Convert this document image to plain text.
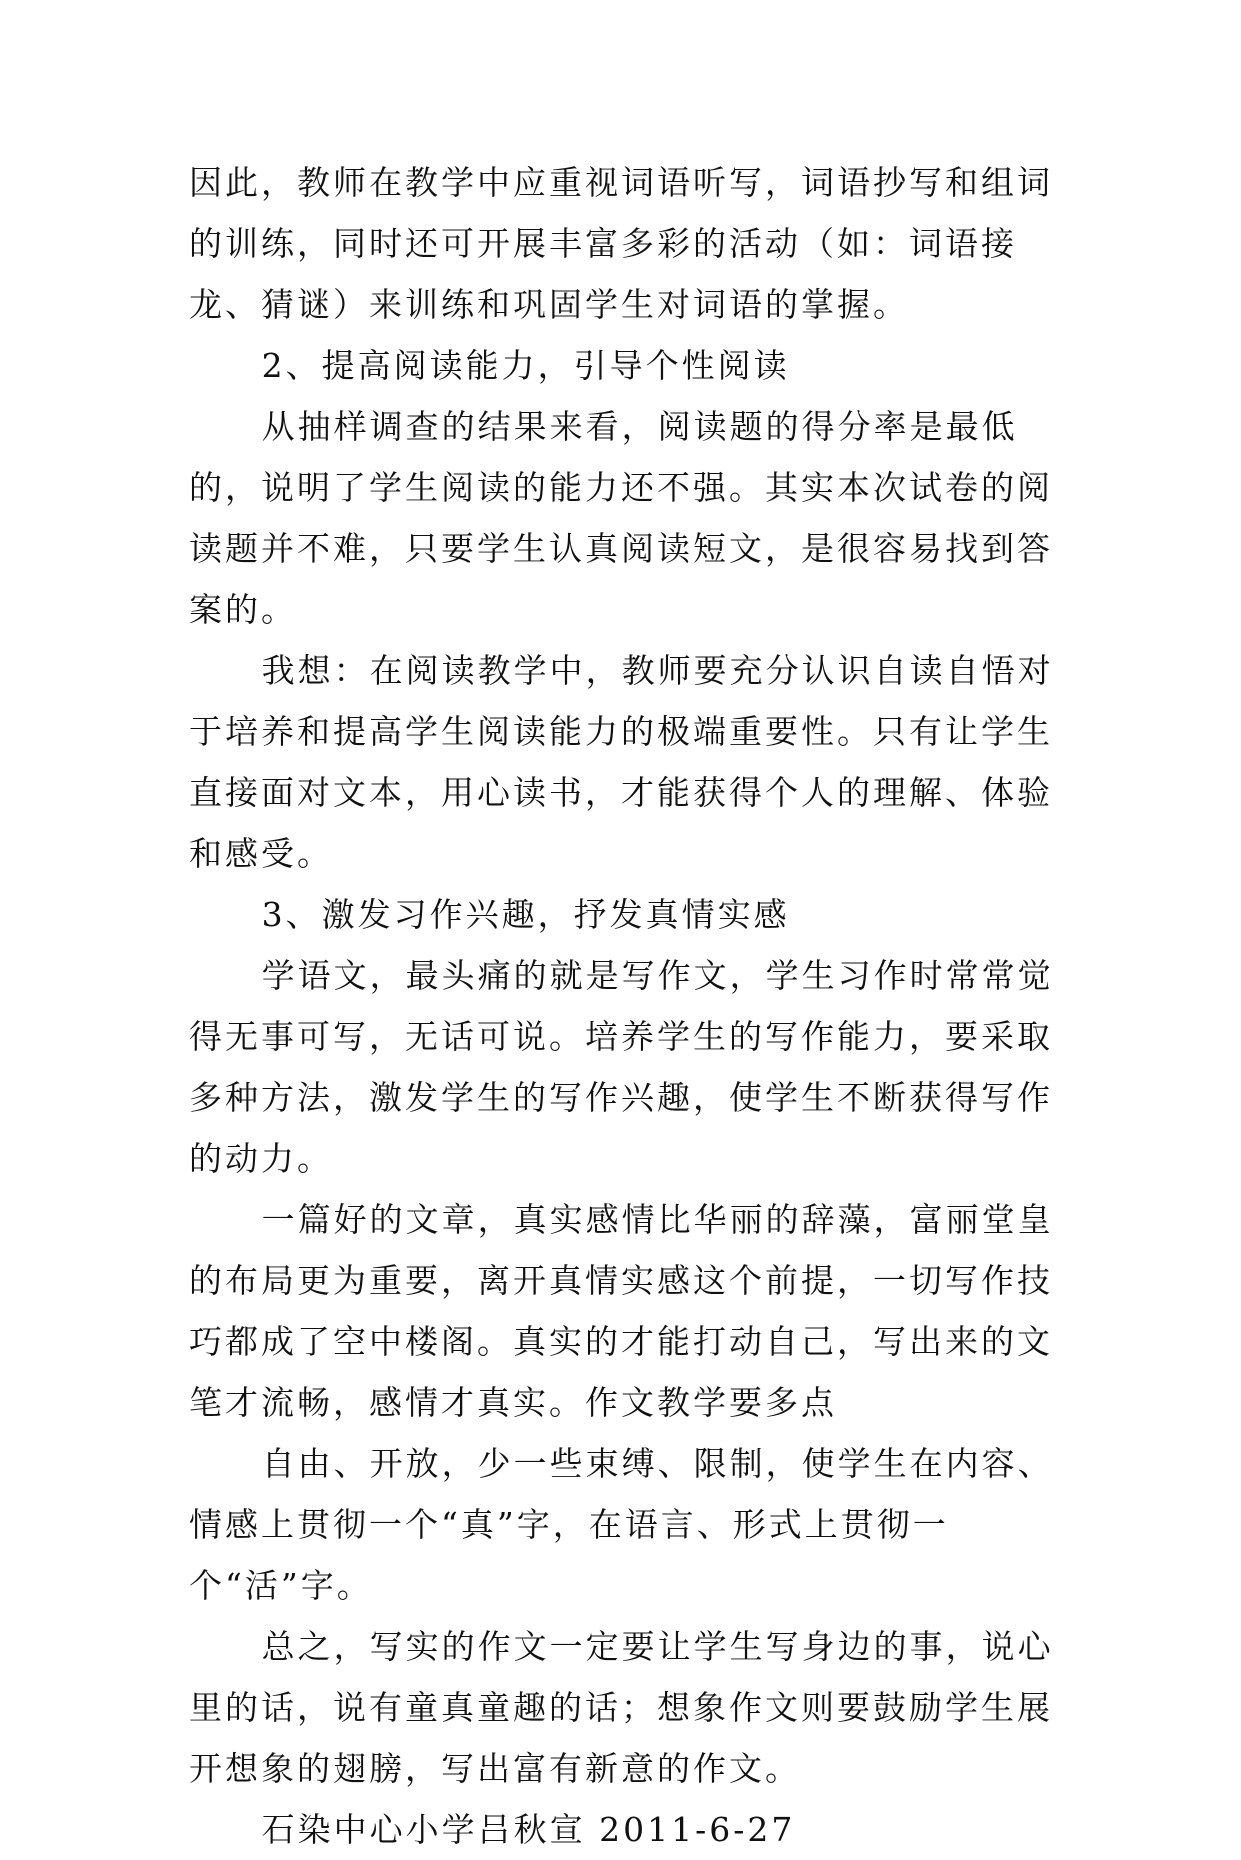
因此，教师在教学中应重视词语听写，词语抄写和组词的训练，同时还可开展丰富多彩的活动（如：词语接龙、猜谜）来训练和巩固学生对词语的掌握。

2、提高阅读能力，引导个性阅读

从抽样调查的结果来看，阅读题的得分率是最低的，说明了学生阅读的能力还不强。其实本次试卷的阅读题并不难，只要学生认真阅读短文，是很容易找到答案的。

我想：在阅读教学中，教师要充分认识自读自悟对于培养和提高学生阅读能力的极端重要性。只有让学生直接面对文本，用心读书，才能获得个人的理解、体验和感受。

3、激发习作兴趣，抒发真情实感

学语文，最头痛的就是写作文，学生习作时常常觉得无事可写，无话可说。培养学生的写作能力，要采取多种方法，激发学生的写作兴趣，使学生不断获得写作的动力。

一篇好的文章，真实感情比华丽的辞藻，富丽堂皇的布局更为重要，离开真情实感这个前提，一切写作技巧都成了空中楼阁。真实的才能打动自己，写出来的文笔才流畅，感情才真实。作文教学要多点

自由、开放，少一些束缚、限制，使学生在内容、情感上贯彻一个“真”字，在语言、形式上贯彻一个“活”字。

总之，写实的作文一定要让学生写身边的事，说心里的话，说有童真童趣的话；想象作文则要鼓励学生展开想象的翅膀，写出富有新意的作文。

石染中心小学吕秋宣 2011-6-27
